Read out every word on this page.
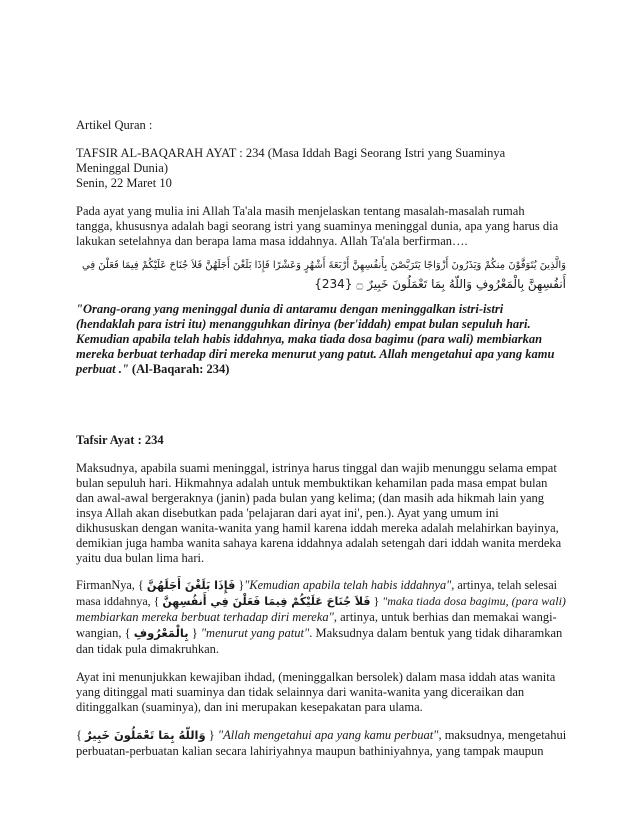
Artikel Quran :
TAFSIR AL-BAQARAH AYAT : 234 (Masa Iddah Bagi Seorang Istri yang Suaminya
Meninggal Dunia)
Senin, 22 Maret 10
Pada ayat yang mulia ini Allah Ta'ala masih menjelaskan tentang masalah-masalah rumah
tangga, khususnya adalah bagi seorang istri yang suaminya meninggal dunia, apa yang harus dia
lakukan setelahnya dan berapa lama masa iddahnya. Allah Ta'ala berfirman….
وَالَّذِينَ يُتَوَفَّوْنَ مِنكُمْ وَيَذَرُونَ أَزْوَاجًا يَتَرَبَّصْنَ بِأَنفُسِهِنَّ أَرْبَعَةَ أَشْهُرٍ وَعَشْرًا فَإِذَا بَلَغْنَ أَجَلَهُنَّ فَلاَ جُنَاحَ عَلَيْكُمْ فِيمَا فَعَلْنَ فِي
أَنفُسِهِنَّ بِالْمَعْرُوفِ وَاللّهُ بِمَا تَعْمَلُونَ خَبِيرٌ ۝ {234}
"Orang-orang yang meninggal dunia di antaramu dengan meninggalkan istri-istri
(hendaklah para istri itu) menangguhkan dirinya (ber'iddah) empat bulan sepuluh hari.
Kemudian apabila telah habis iddahnya, maka tiada dosa bagimu (para wali) membiarkan
mereka berbuat terhadap diri mereka menurut yang patut. Allah mengetahui apa yang kamu
perbuat ." (Al-Baqarah: 234)
Tafsir Ayat : 234
Maksudnya, apabila suami meninggal, istrinya harus tinggal dan wajib menunggu selama empat
bulan sepuluh hari. Hikmahnya adalah untuk membuktikan kehamilan pada masa empat bulan
dan awal-awal bergeraknya (janin) pada bulan yang kelima; (dan masih ada hikmah lain yang
insya Allah akan disebutkan pada 'pelajaran dari ayat ini', pen.). Ayat yang umum ini
dikhususkan dengan wanita-wanita yang hamil karena iddah mereka adalah melahirkan bayinya,
demikian juga hamba wanita sahaya karena iddahnya adalah setengah dari iddah wanita merdeka
yaitu dua bulan lima hari.
FirmanNya, { فَإِذَا بَلَغْنَ أَجَلَهُنَّ }"Kemudian apabila telah habis iddahnya", artinya, telah selesai
masa iddahnya, { فَلاَ جُنَاحَ عَلَيْكُمْ فِيمَا فَعَلْنَ فِي أَنفُسِهِنَّ } "maka tiada dosa bagimu, (para wali)
membiarkan mereka berbuat terhadap diri mereka", artinya, untuk berhias dan memakai wangi-
wangian, { بِالْمَعْرُوفِ } "menurut yang patut". Maksudnya dalam bentuk yang tidak diharamkan
dan tidak pula dimakruhkan.
Ayat ini menunjukkan kewajiban ihdad, (meninggalkan bersolek) dalam masa iddah atas wanita
yang ditinggal mati suaminya dan tidak selainnya dari wanita-wanita yang diceraikan dan
ditinggalkan (suaminya), dan ini merupakan kesepakatan para ulama.
{ وَاللّهُ بِمَا تَعْمَلُونَ خَبِيرٌ } "Allah mengetahui apa yang kamu perbuat", maksudnya, mengetahui
perbuatan-perbuatan kalian secara lahiriyahnya maupun bathiniyahnya, yang tampak maupun
